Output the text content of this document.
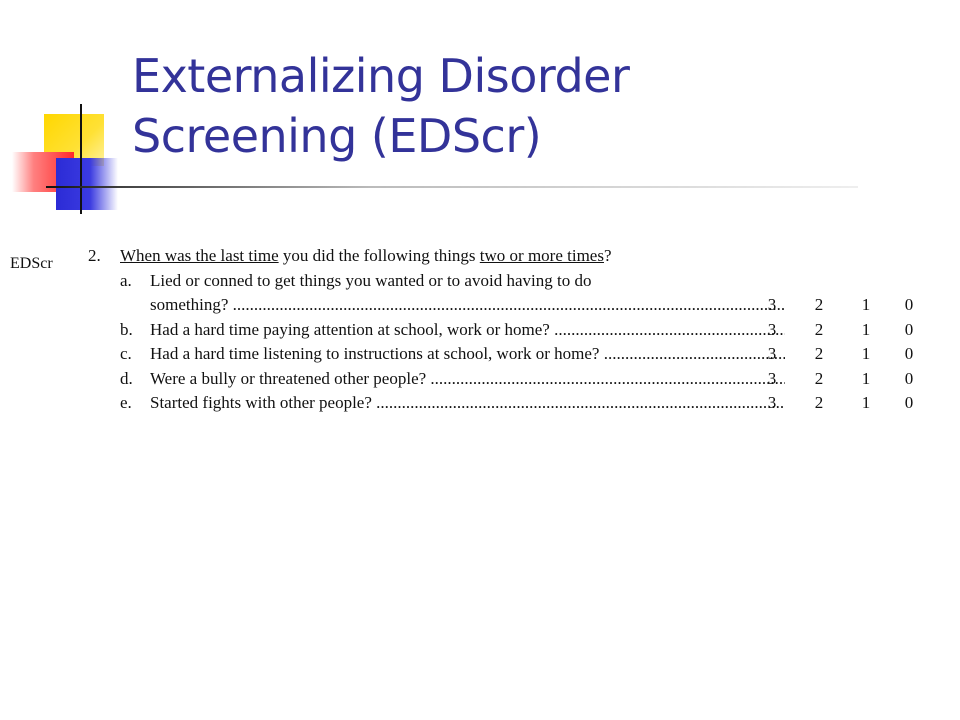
Externalizing Disorder
Screening (EDScr)
EDScr 2. When was the last time you did the following things two or more times?
a. Lied or conned to get things you wanted or to avoid having to do
something? .....	3	2	1	0
b. Had a hard time paying attention at school, work or home? .....	3	2	1	0
c. Had a hard time listening to instructions at school, work or home? .....	3	2	1	0
d. Were a bully or threatened other people? .....	3	2	1	0
e. Started fights with other people? .....	3	2	1	0
